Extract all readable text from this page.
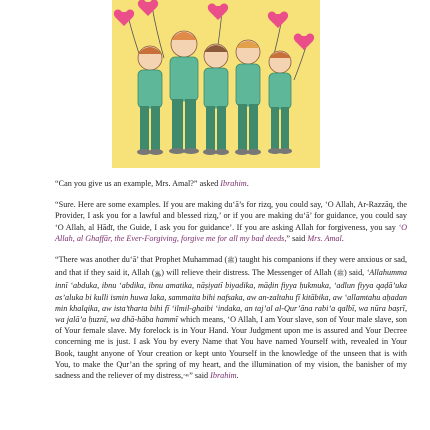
“Can you give us an example, Mrs. Amal?” asked Ibrahim.

“Sure. Here are some examples. If you are making du‘ā’s for rizq, you could say, ‘O Allah, Ar-Razzāq, the Provider, I ask you for a lawful and blessed rizq,’ or if you are making du‘ā’ for guidance, you could say ‘O Allah, al Hādī, the Guide, I ask you for guidance’. If you are asking Allah for forgiveness, you say ‘O Allah, al Ghaffār, the Ever-Forgiving, forgive me for all my bad deeds,” said Mrs. Amal.

“There was another du‘ā’ that Prophet Muhammad (ﷺ) taught his companions if they were anxious or sad, and that if they said it, Allah (﷿) will relieve their distress. The Messenger of Allah (ﷺ) said, ‘Allahumma innī ‘abduka, ibnu ‘abdika, ibnu amatika, nāṣiyatī biyadika, māḍin fiyya ḥukmuka, ‘adlun fiyya qaḍā’uka as’aluka bi kulli ismin huwa laka, sammaita bihi nafsaka, aw an-zaltahu fī kitābika, aw ‘allamtahu aḥadan min khalqika, aw ista’tharta bihi fī ‘ilmil-ghaibi ‘indaka, an taj’al al-Qur’āna rabi’a qalbī, wa nūra baṣrī, wa jalā’a ḥuznī, wa dhā-hāba hammī which means, ‘O Allah, I am Your slave, son of Your male slave, son of Your female slave. My forelock is in Your Hand. Your Judgment upon me is assured and Your Decree concerning me is just. I ask You by every Name that You have named Yourself with, revealed in Your Book, taught anyone of Your creation or kept unto Yourself in the knowledge of the unseen that is with You, to make the Qur’an the spring of my heart, and the illumination of my vision, the banisher of my sadness and the reliever of my distress,’⁴⁶” said Ibrahim.
